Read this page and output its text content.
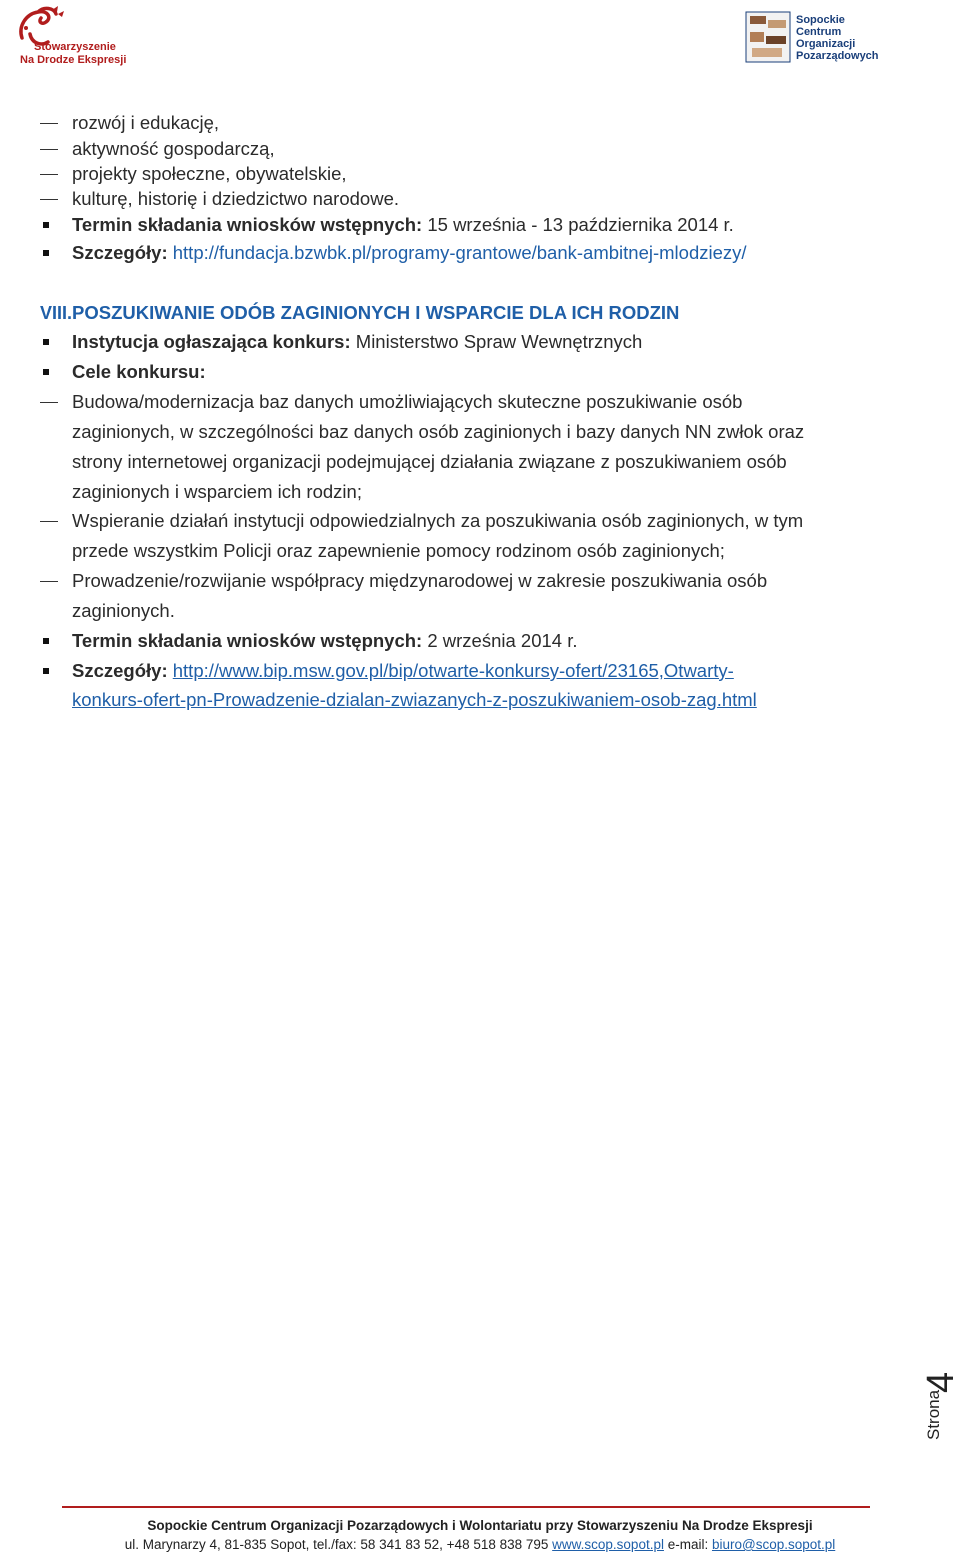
Stowarzyszenie
Na Drodze Ekspresji
Sopockie
Centrum
Organizacji
Pozarządowych
rozwój i edukację,
aktywność gospodarczą,
projekty społeczne, obywatelskie,
kulturę, historię i dziedzictwo narodowe.
Termin składania wniosków wstępnych: 15 września - 13 października 2014 r.
Szczegóły: http://fundacja.bzwbk.pl/programy-grantowe/bank-ambitnej-mlodziezy/
VIII. POSZUKIWANIE ODÓB ZAGINIONYCH I WSPARCIE DLA ICH RODZIN
Instytucja ogłaszająca konkurs: Ministerstwo Spraw Wewnętrznych
Cele konkursu:
Budowa/modernizacja baz danych umożliwiających skuteczne poszukiwanie osób
zaginionych, w szczególności baz danych osób zaginionych i bazy danych NN zwłok oraz
strony internetowej organizacji podejmującej działania związane z poszukiwaniem osób
zaginionych i wsparciem ich rodzin;
Wspieranie działań instytucji odpowiedzialnych za poszukiwania osób zaginionych, w tym
przede wszystkim Policji oraz zapewnienie pomocy rodzinom osób zaginionych;
Prowadzenie/rozwijanie współpracy międzynarodowej w zakresie poszukiwania osób
zaginionych.
Termin składania wniosków wstępnych: 2 września 2014 r.
Szczegóły: http://www.bip.msw.gov.pl/bip/otwarte-konkursy-ofert/23165,Otwarty-
konkurs-ofert-pn-Prowadzenie-dzialan-zwiazanych-z-poszukiwaniem-osob-zag.html
Strona
4
Sopockie Centrum Organizacji Pozarządowych i Wolontariatu przy Stowarzyszeniu Na Drodze Ekspresji
ul. Marynarzy 4, 81-835 Sopot, tel./fax: 58 341 83 52, +48 518 838 795 www.scop.sopot.pl e-mail: biuro@scop.sopot.pl
